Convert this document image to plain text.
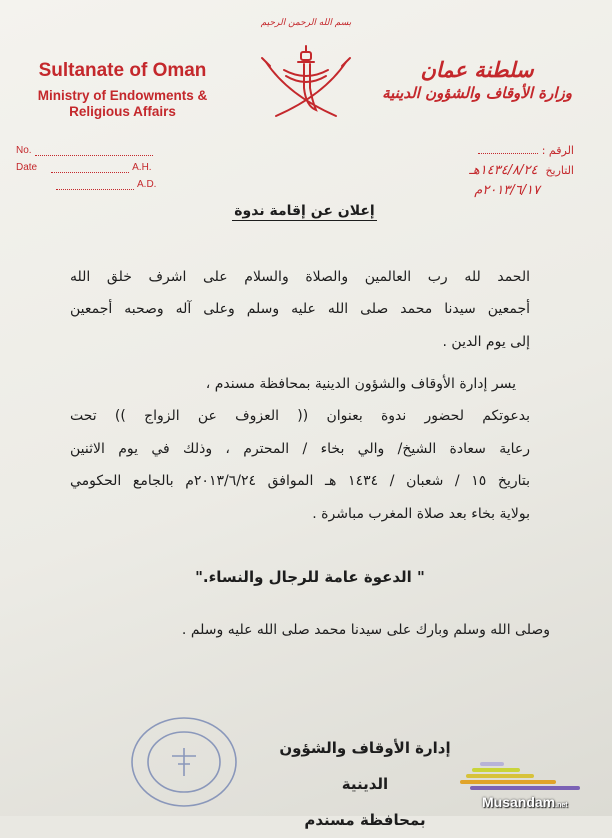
Sultanate of Oman
Ministry of Endowments &
Religious Affairs
No.
Date	A.H.
A.D.
بسم الله الرحمن الرحيم
سلطنة عمان
وزارة الأوقاف والشؤون الدينية
الرقم :
التاريخ١٤٣٤/٨/٢٤هـ
٢٠١٣/٦/١٧م
إعلان عن إقامة ندوة
الحمد لله رب العالمين والصلاة والسلام على اشرف خلق الله
أجمعين سيدنا محمد صلى الله عليه وسلم وعلى آله وصحبه أجمعين
إلى يوم الدين .
يسر إدارة الأوقاف والشؤون الدينية بمحافظة مسندم ،
بدعوتكم لحضور ندوة بعنوان (( العزوف عن الزواج )) تحت
رعاية سعادة الشيخ/ والي بخاء / المحترم ، وذلك في يوم الاثنين
بتاريخ ١٥ / شعبان / ١٤٣٤ هـ الموافق ٢٠١٣/٦/٢٤م بالجامع الحكومي
بولاية بخاء بعد صلاة المغرب مباشرة .
" الدعوة عامة للرجال والنساء."
وصلى الله وسلم وبارك على سيدنا محمد صلى الله عليه وسلم .
إدارة الأوقاف والشؤون الدينية
بمحافظة مسندم
Musandam.net
